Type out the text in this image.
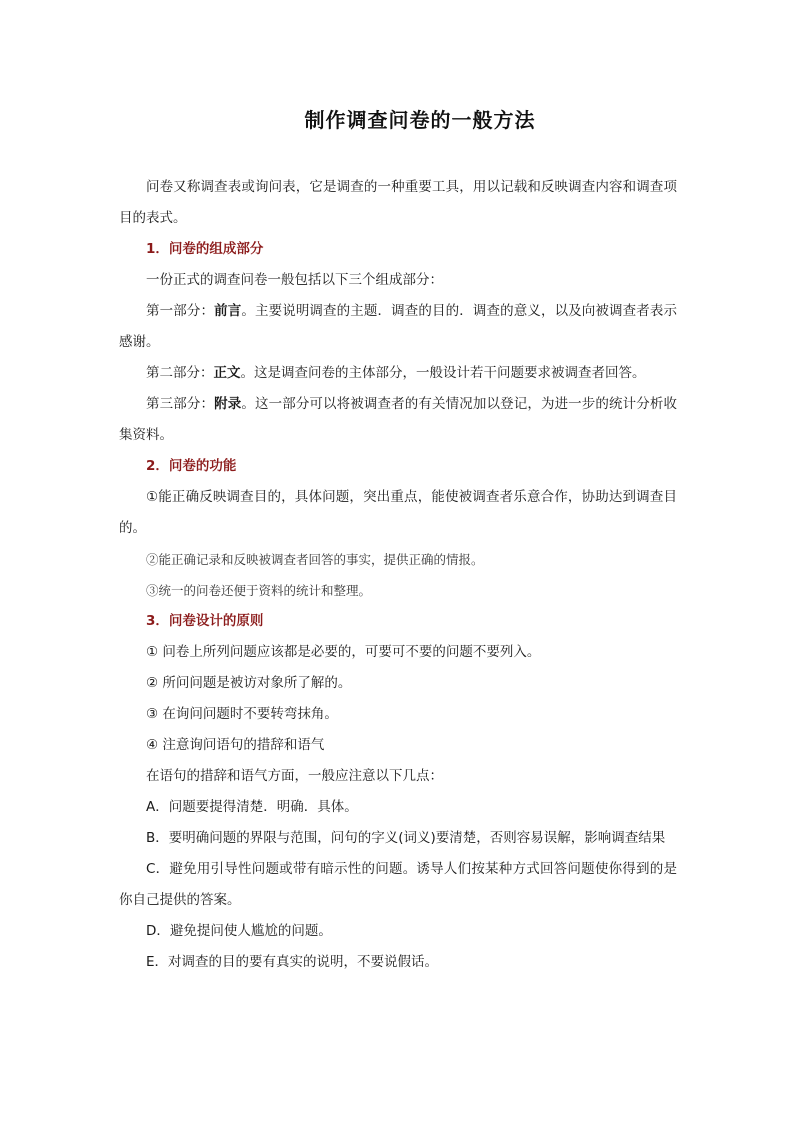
制作调查问卷的一般方法

问卷又称调查表或询问表，它是调查的一种重要工具，用以记载和反映调查内容和调查项目的表式。

1．问卷的组成部分

一份正式的调查问卷一般包括以下三个组成部分：

第一部分：前言。主要说明调查的主题．调查的目的．调查的意义，以及向被调查者表示感谢。

第二部分：正文。这是调查问卷的主体部分，一般设计若干问题要求被调查者回答。

第三部分：附录。这一部分可以将被调查者的有关情况加以登记，为进一步的统计分析收集资料。

2．问卷的功能

①能正确反映调查目的，具体问题，突出重点，能使被调查者乐意合作，协助达到调查目的。

②能正确记录和反映被调查者回答的事实，提供正确的情报。

③统一的问卷还便于资料的统计和整理。

3．问卷设计的原则

① 问卷上所列问题应该都是必要的，可要可不要的问题不要列入。

② 所问问题是被访对象所了解的。

③ 在询问问题时不要转弯抹角。

④ 注意询问语句的措辞和语气

在语句的措辞和语气方面，一般应注意以下几点：

A．问题要提得清楚．明确．具体。

B．要明确问题的界限与范围，问句的字义(词义)要清楚，否则容易误解，影响调查结果

C．避免用引导性问题或带有暗示性的问题。诱导人们按某种方式回答问题使你得到的是你自己提供的答案。

D．避免提问使人尴尬的问题。

E．对调查的目的要有真实的说明，不要说假话。
